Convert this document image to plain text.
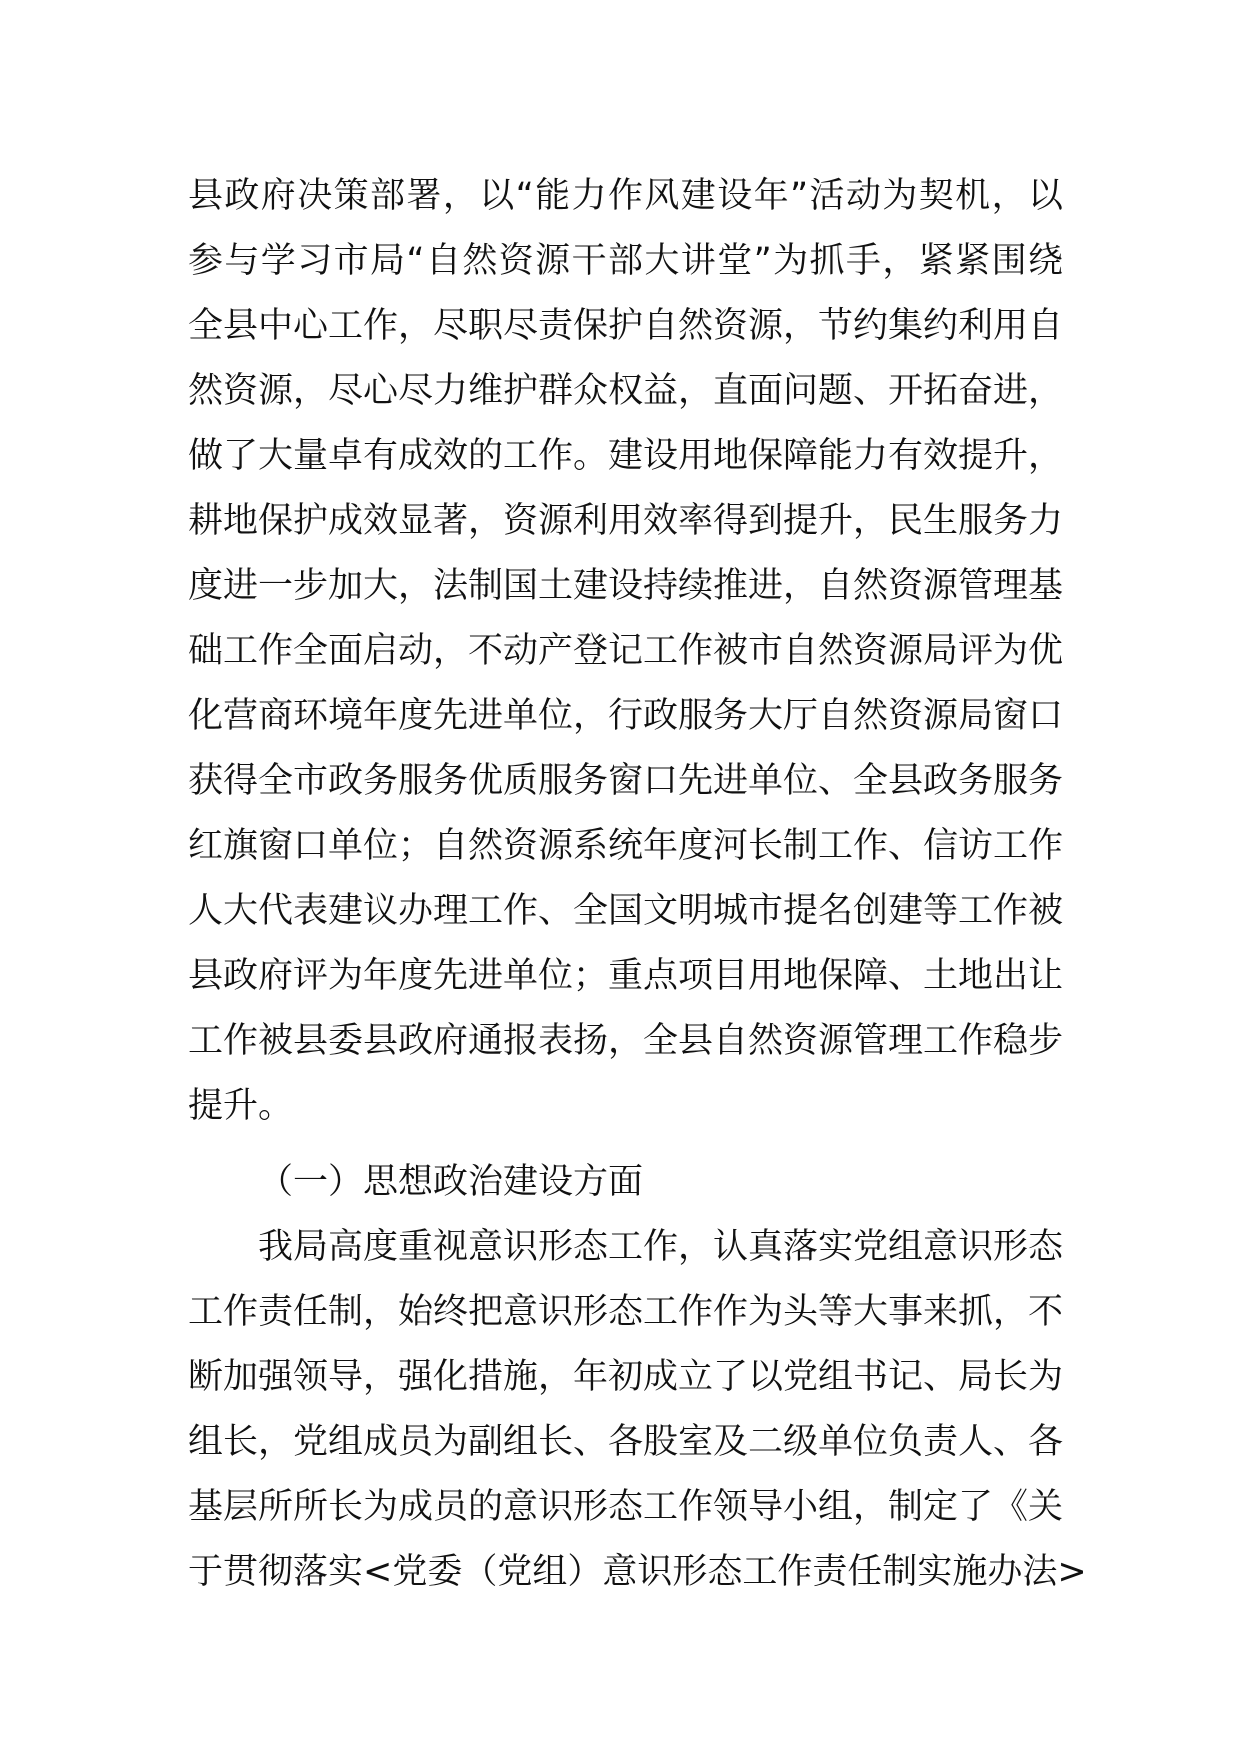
县政府决策部署，以“能力作风建设年”活动为契机，以
参与学习市局“自然资源干部大讲堂”为抓手，紧紧围绕
全县中心工作，尽职尽责保护自然资源，节约集约利用自
然资源，尽心尽力维护群众权益，直面问题、开拓奋进，
做了大量卓有成效的工作。建设用地保障能力有效提升，
耕地保护成效显著，资源利用效率得到提升，民生服务力
度进一步加大，法制国土建设持续推进，自然资源管理基
础工作全面启动，不动产登记工作被市自然资源局评为优
化营商环境年度先进单位，行政服务大厅自然资源局窗口
获得全市政务服务优质服务窗口先进单位、全县政务服务
红旗窗口单位；自然资源系统年度河长制工作、信访工作
人大代表建议办理工作、全国文明城市提名创建等工作被
县政府评为年度先进单位；重点项目用地保障、土地出让
工作被县委县政府通报表扬，全县自然资源管理工作稳步
提升。
（一）思想政治建设方面
我局高度重视意识形态工作，认真落实党组意识形态
工作责任制，始终把意识形态工作作为头等大事来抓，不
断加强领导，强化措施，年初成立了以党组书记、局长为
组长，党组成员为副组长、各股室及二级单位负责人、各
基层所所长为成员的意识形态工作领导小组，制定了《关
于贯彻落实<党委（党组）意识形态工作责任制实施办法>
